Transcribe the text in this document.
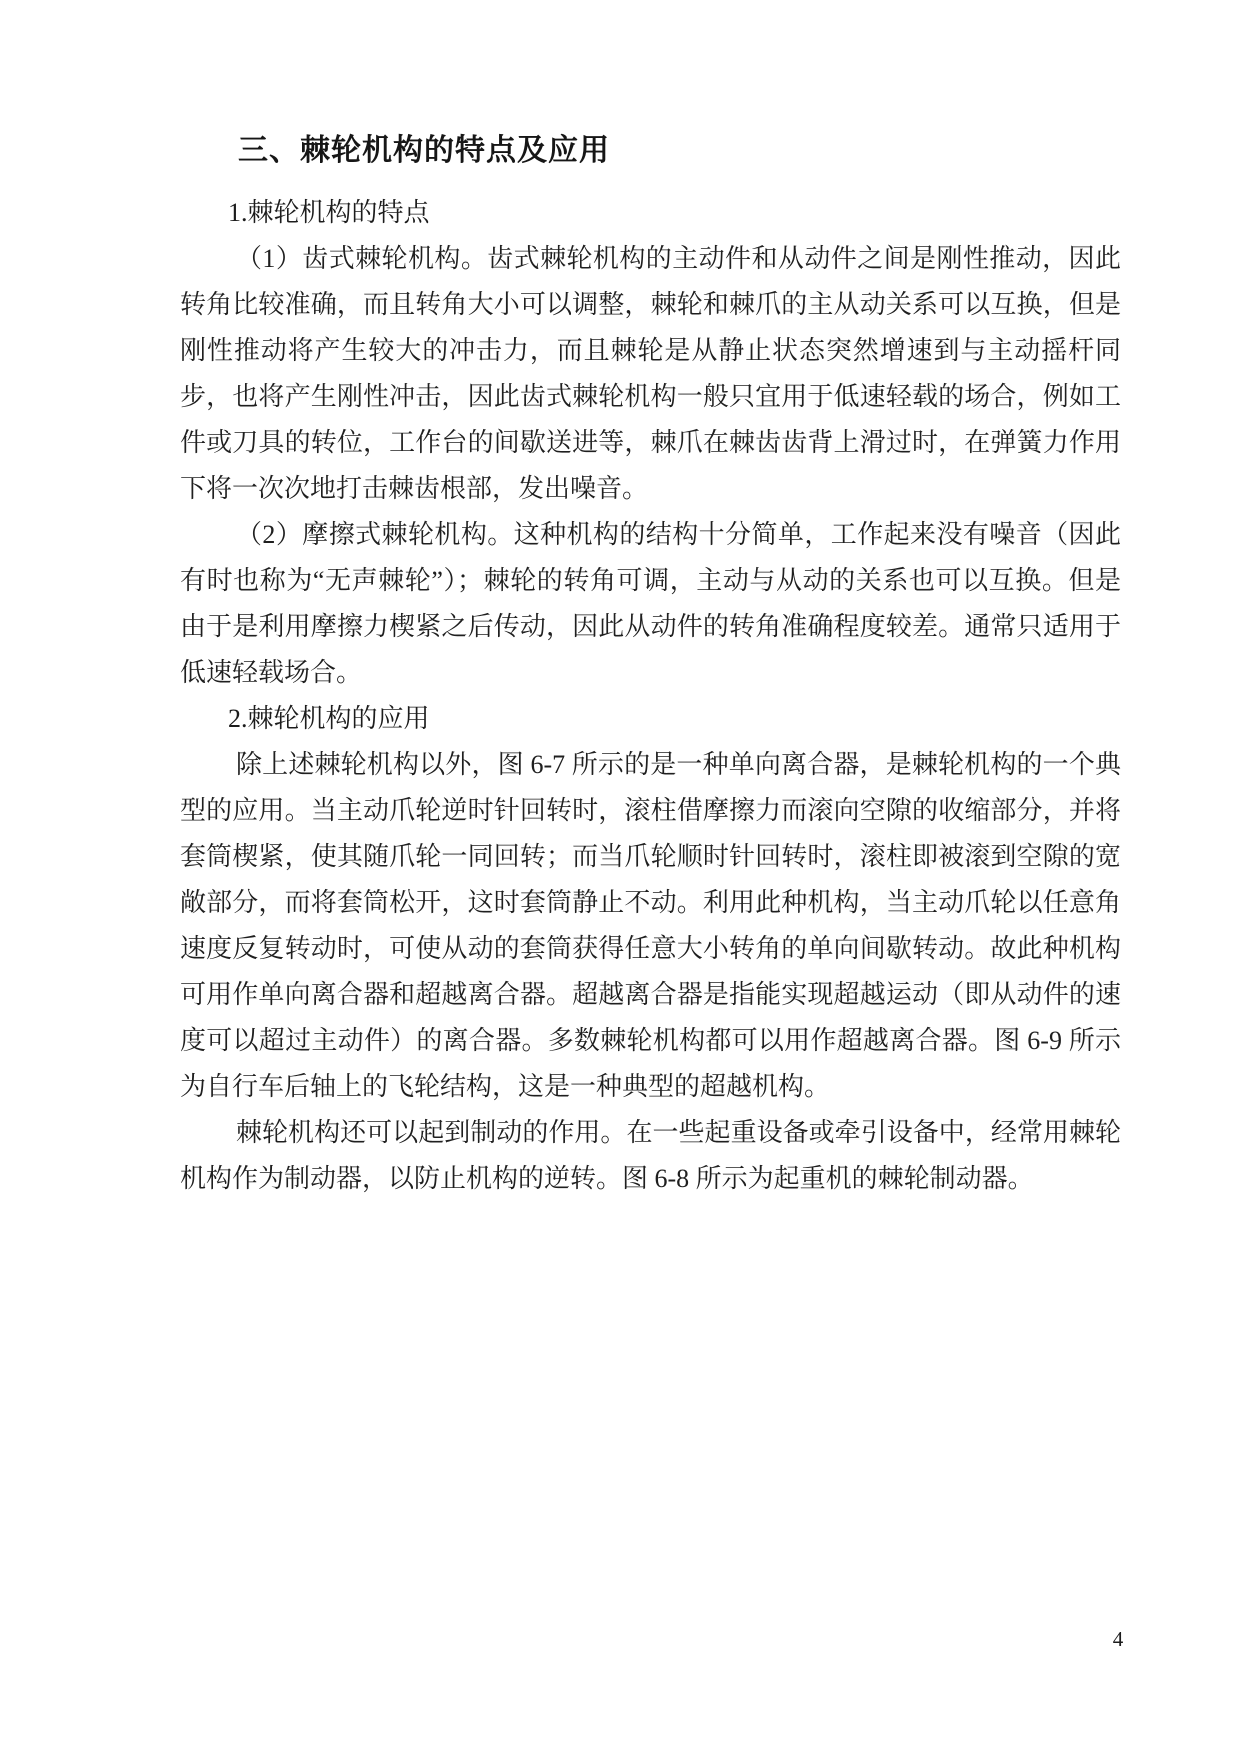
三、棘轮机构的特点及应用
1.棘轮机构的特点

（1）齿式棘轮机构。齿式棘轮机构的主动件和从动件之间是刚性推动，因此转角比较准确，而且转角大小可以调整，棘轮和棘爪的主从动关系可以互换，但是刚性推动将产生较大的冲击力，而且棘轮是从静止状态突然增速到与主动摇杆同步，也将产生刚性冲击，因此齿式棘轮机构一般只宜用于低速轻载的场合，例如工件或刀具的转位，工作台的间歇送进等，棘爪在棘齿齿背上滑过时，在弹簧力作用下将一次次地打击棘齿根部，发出噪音。

（2）摩擦式棘轮机构。这种机构的结构十分简单，工作起来没有噪音（因此有时也称为“无声棘轮”）；棘轮的转角可调，主动与从动的关系也可以互换。但是由于是利用摩擦力楔紧之后传动，因此从动件的转角准确程度较差。通常只适用于低速轻载场合。

2.棘轮机构的应用

除上述棘轮机构以外，图 6-7 所示的是一种单向离合器，是棘轮机构的一个典型的应用。当主动爪轮逆时针回转时，滚柱借摩擦力而滚向空隙的收缩部分，并将套筒楔紧，使其随爪轮一同回转；而当爪轮顺时针回转时，滚柱即被滚到空隙的宽敞部分，而将套筒松开，这时套筒静止不动。利用此种机构，当主动爪轮以任意角速度反复转动时，可使从动的套筒获得任意大小转角的单向间歇转动。故此种机构可用作单向离合器和超越离合器。超越离合器是指能实现超越运动（即从动件的速度可以超过主动件）的离合器。多数棘轮机构都可以用作超越离合器。图 6-9 所示为自行车后轴上的飞轮结构，这是一种典型的超越机构。

棘轮机构还可以起到制动的作用。在一些起重设备或牵引设备中，经常用棘轮机构作为制动器，以防止机构的逆转。图 6-8 所示为起重机的棘轮制动器。

4
